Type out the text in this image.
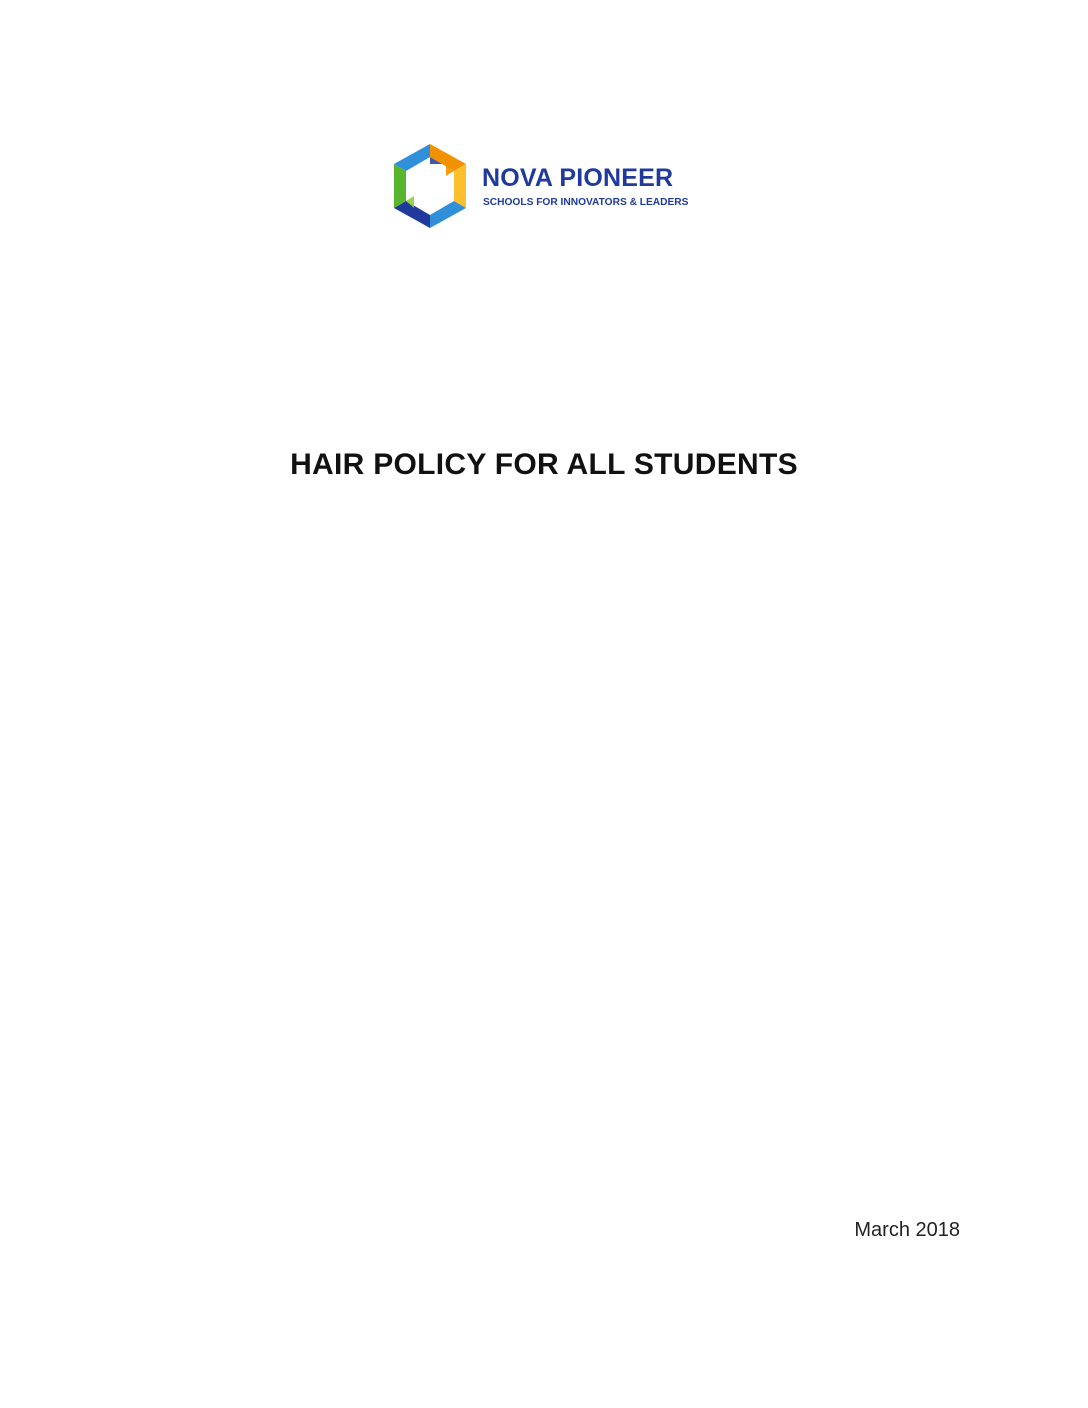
NOVA PIONEER
SCHOOLS FOR INNOVATORS & LEADERS
HAIR POLICY FOR ALL STUDENTS
March 2018
